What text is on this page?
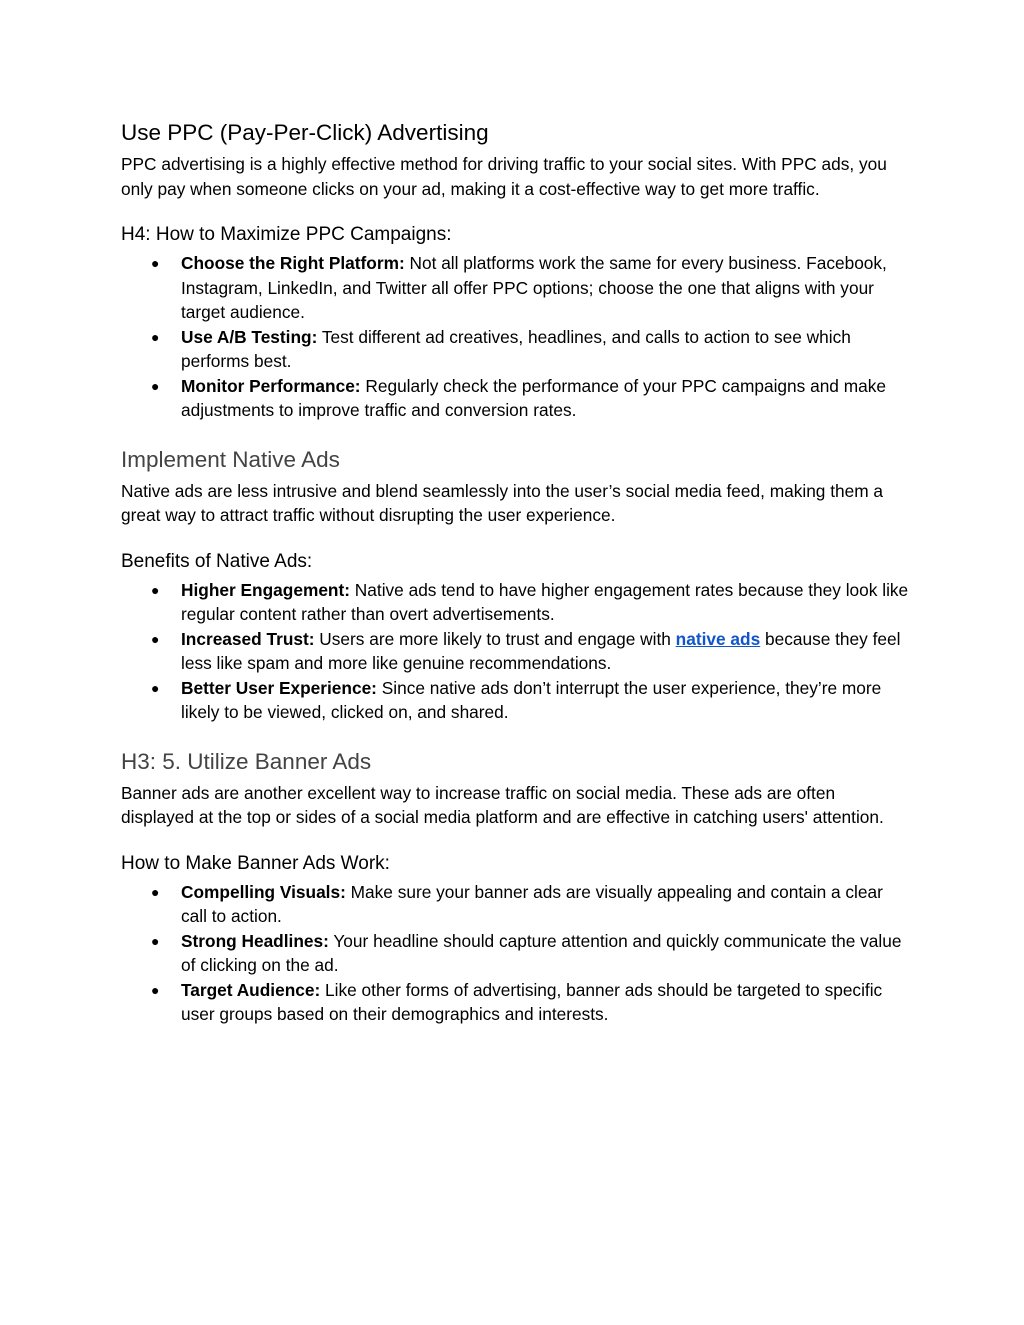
Use PPC (Pay-Per-Click) Advertising

PPC advertising is a highly effective method for driving traffic to your social sites. With PPC ads, you only pay when someone clicks on your ad, making it a cost-effective way to get more traffic.

H4: How to Maximize PPC Campaigns:
● Choose the Right Platform: Not all platforms work the same for every business. Facebook, Instagram, LinkedIn, and Twitter all offer PPC options; choose the one that aligns with your target audience.
● Use A/B Testing: Test different ad creatives, headlines, and calls to action to see which performs best.
● Monitor Performance: Regularly check the performance of your PPC campaigns and make adjustments to improve traffic and conversion rates.
Implement Native Ads

Native ads are less intrusive and blend seamlessly into the user’s social media feed, making them a great way to attract traffic without disrupting the user experience.

Benefits of Native Ads:
● Higher Engagement: Native ads tend to have higher engagement rates because they look like regular content rather than overt advertisements.
● Increased Trust: Users are more likely to trust and engage with native ads because they feel less like spam and more like genuine recommendations.
● Better User Experience: Since native ads don’t interrupt the user experience, they’re more likely to be viewed, clicked on, and shared.
H3: 5. Utilize Banner Ads

Banner ads are another excellent way to increase traffic on social media. These ads are often displayed at the top or sides of a social media platform and are effective in catching users' attention.

How to Make Banner Ads Work:
● Compelling Visuals: Make sure your banner ads are visually appealing and contain a clear call to action.
● Strong Headlines: Your headline should capture attention and quickly communicate the value of clicking on the ad.
● Target Audience: Like other forms of advertising, banner ads should be targeted to specific user groups based on their demographics and interests.
